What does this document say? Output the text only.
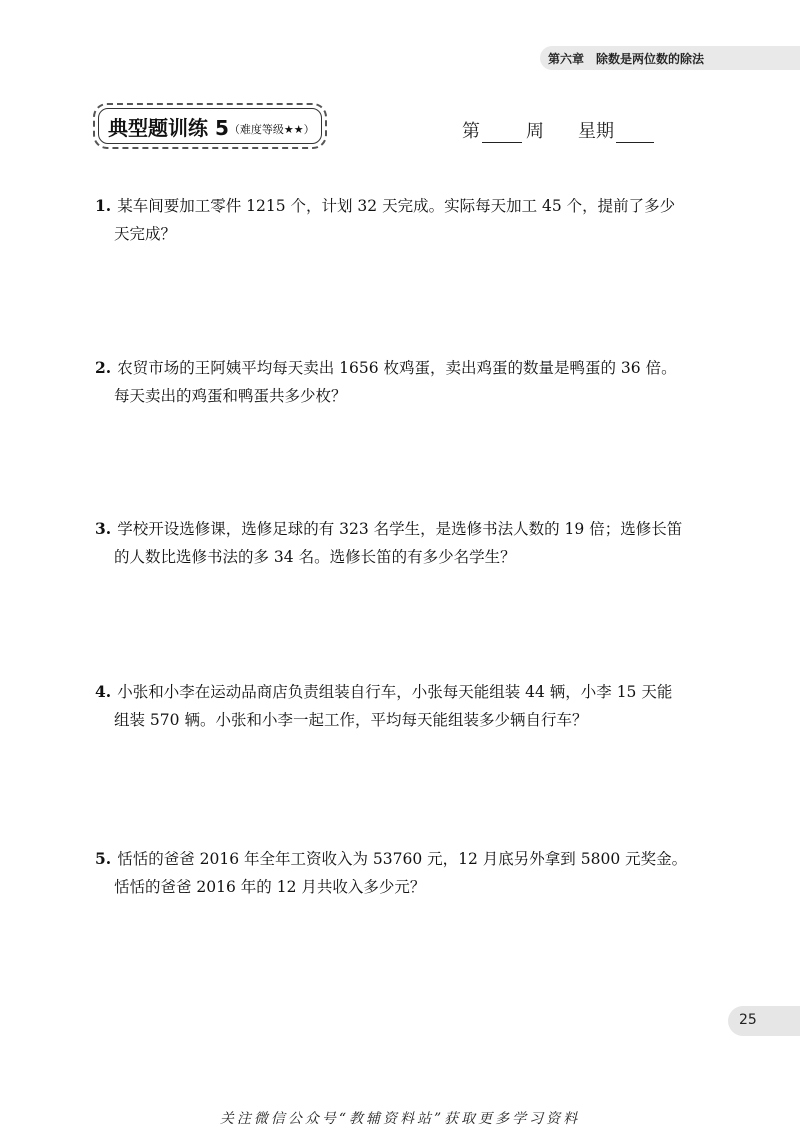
第六章　除数是两位数的除法
典型题训练 5（难度等级★★）	第	周 星期
1. 某车间要加工零件 1215 个，计划 32 天完成。实际每天加工 45 个，提前了多少
天完成？
2. 农贸市场的王阿姨平均每天卖出 1656 枚鸡蛋，卖出鸡蛋的数量是鸭蛋的 36 倍。
每天卖出的鸡蛋和鸭蛋共多少枚？
3. 学校开设选修课，选修足球的有 323 名学生，是选修书法人数的 19 倍；选修长笛
的人数比选修书法的多 34 名。选修长笛的有多少名学生？
4. 小张和小李在运动品商店负责组装自行车，小张每天能组装 44 辆，小李 15 天能
组装 570 辆。小张和小李一起工作，平均每天能组装多少辆自行车？
5. 恬恬的爸爸 2016 年全年工资收入为 53760 元，12 月底另外拿到 5800 元奖金。
恬恬的爸爸 2016 年的 12 月共收入多少元？
25
关注微信公众号“教辅资料站”获取更多学习资料
